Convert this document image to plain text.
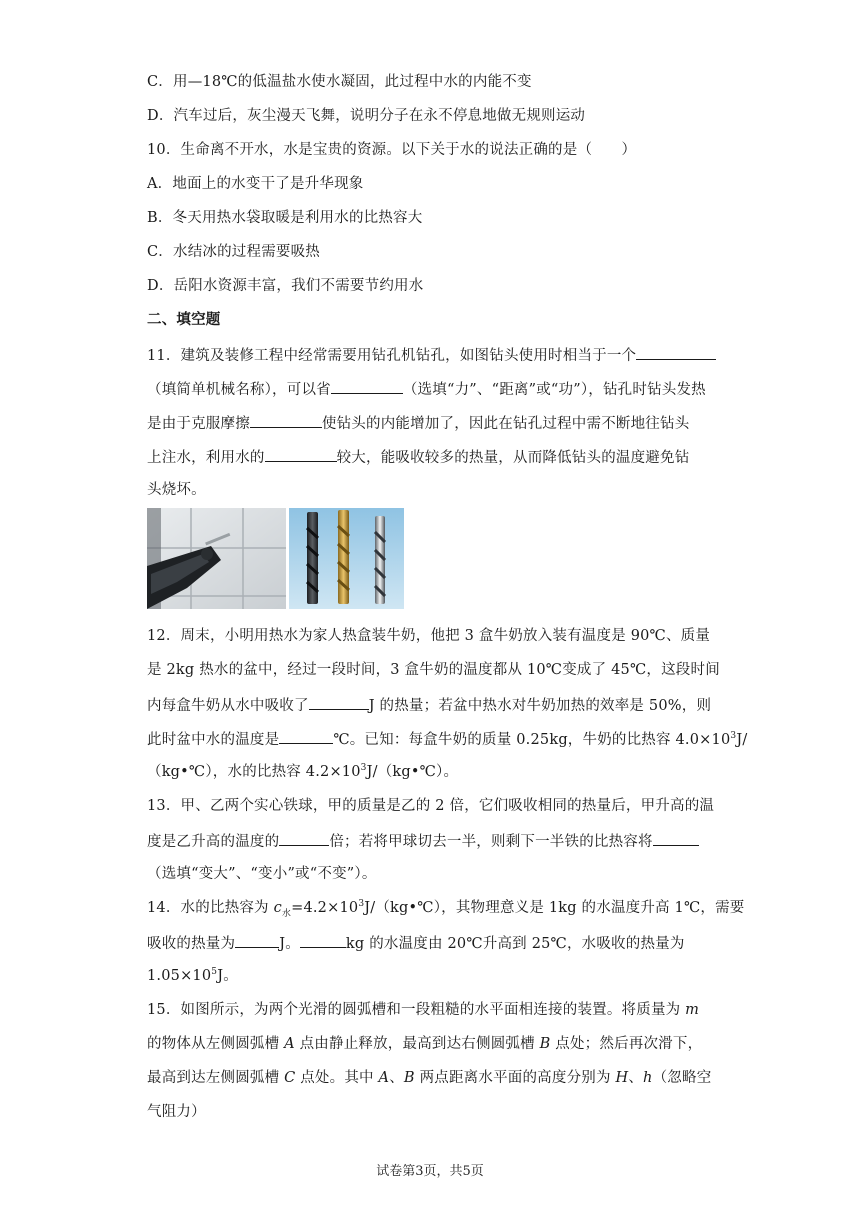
C．用—18℃的低温盐水使水凝固，此过程中水的内能不变
D．汽车过后，灰尘漫天飞舞，说明分子在永不停息地做无规则运动
10．生命离不开水，水是宝贵的资源。以下关于水的说法正确的是（　　）
A．地面上的水变干了是升华现象
B．冬天用热水袋取暖是利用水的比热容大
C．水结冰的过程需要吸热
D．岳阳水资源丰富，我们不需要节约用水
二、填空题
11．建筑及装修工程中经常需要用钻孔机钻孔，如图钻头使用时相当于一个
（填简单机械名称），可以省	（选填“力”、“距离”或“功”），钻孔时钻头发热
是由于克服摩擦	使钻头的内能增加了，因此在钻孔过程中需不断地往钻头
上注水，利用水的	较大，能吸收较多的热量，从而降低钻头的温度避免钻
头烧坏。
12．周末，小明用热水为家人热盒装牛奶，他把 3 盒牛奶放入装有温度是 90℃、质量
是 2kg 热水的盆中，经过一段时间，3 盒牛奶的温度都从 10℃变成了 45℃，这段时间
内每盒牛奶从水中吸收了	J 的热量；若盆中热水对牛奶加热的效率是 50%，则
此时盆中水的温度是	℃。已知：每盒牛奶的质量 0.25kg，牛奶的比热容 $4.0\times 10^3J/$
（kg•℃），水的比热容 $4.2\times 10^3J/(kg•℃)$。
13．甲、乙两个实心铁球，甲的质量是乙的 2 倍，它们吸收相同的热量后，甲升高的温
度是乙升高的温度的	倍；若将甲球切去一半，则剩下一半铁的比热容将
（选填“变大”、“变小”或“不变”）。
14．水的比热容为 $c_水=4.2\times 10^3J/(kg•℃)$，其物理意义是 1kg 的水温度升高 1℃，需要
吸收的热量为	J。	kg 的水温度由 20℃升高到 25℃，水吸收的热量为
$1.05\times 10^5J$。
15．如图所示，为两个光滑的圆弧槽和一段粗糙的水平面相连接的装置。将质量为 m
的物体从左侧圆弧槽 A 点由静止释放，最高到达右侧圆弧槽 B 点处；然后再次滑下，
最高到达左侧圆弧槽 C 点处。其中 A、B 两点距离水平面的高度分别为 H、h（忽略空
气阻力）
试卷第3页，共5页
